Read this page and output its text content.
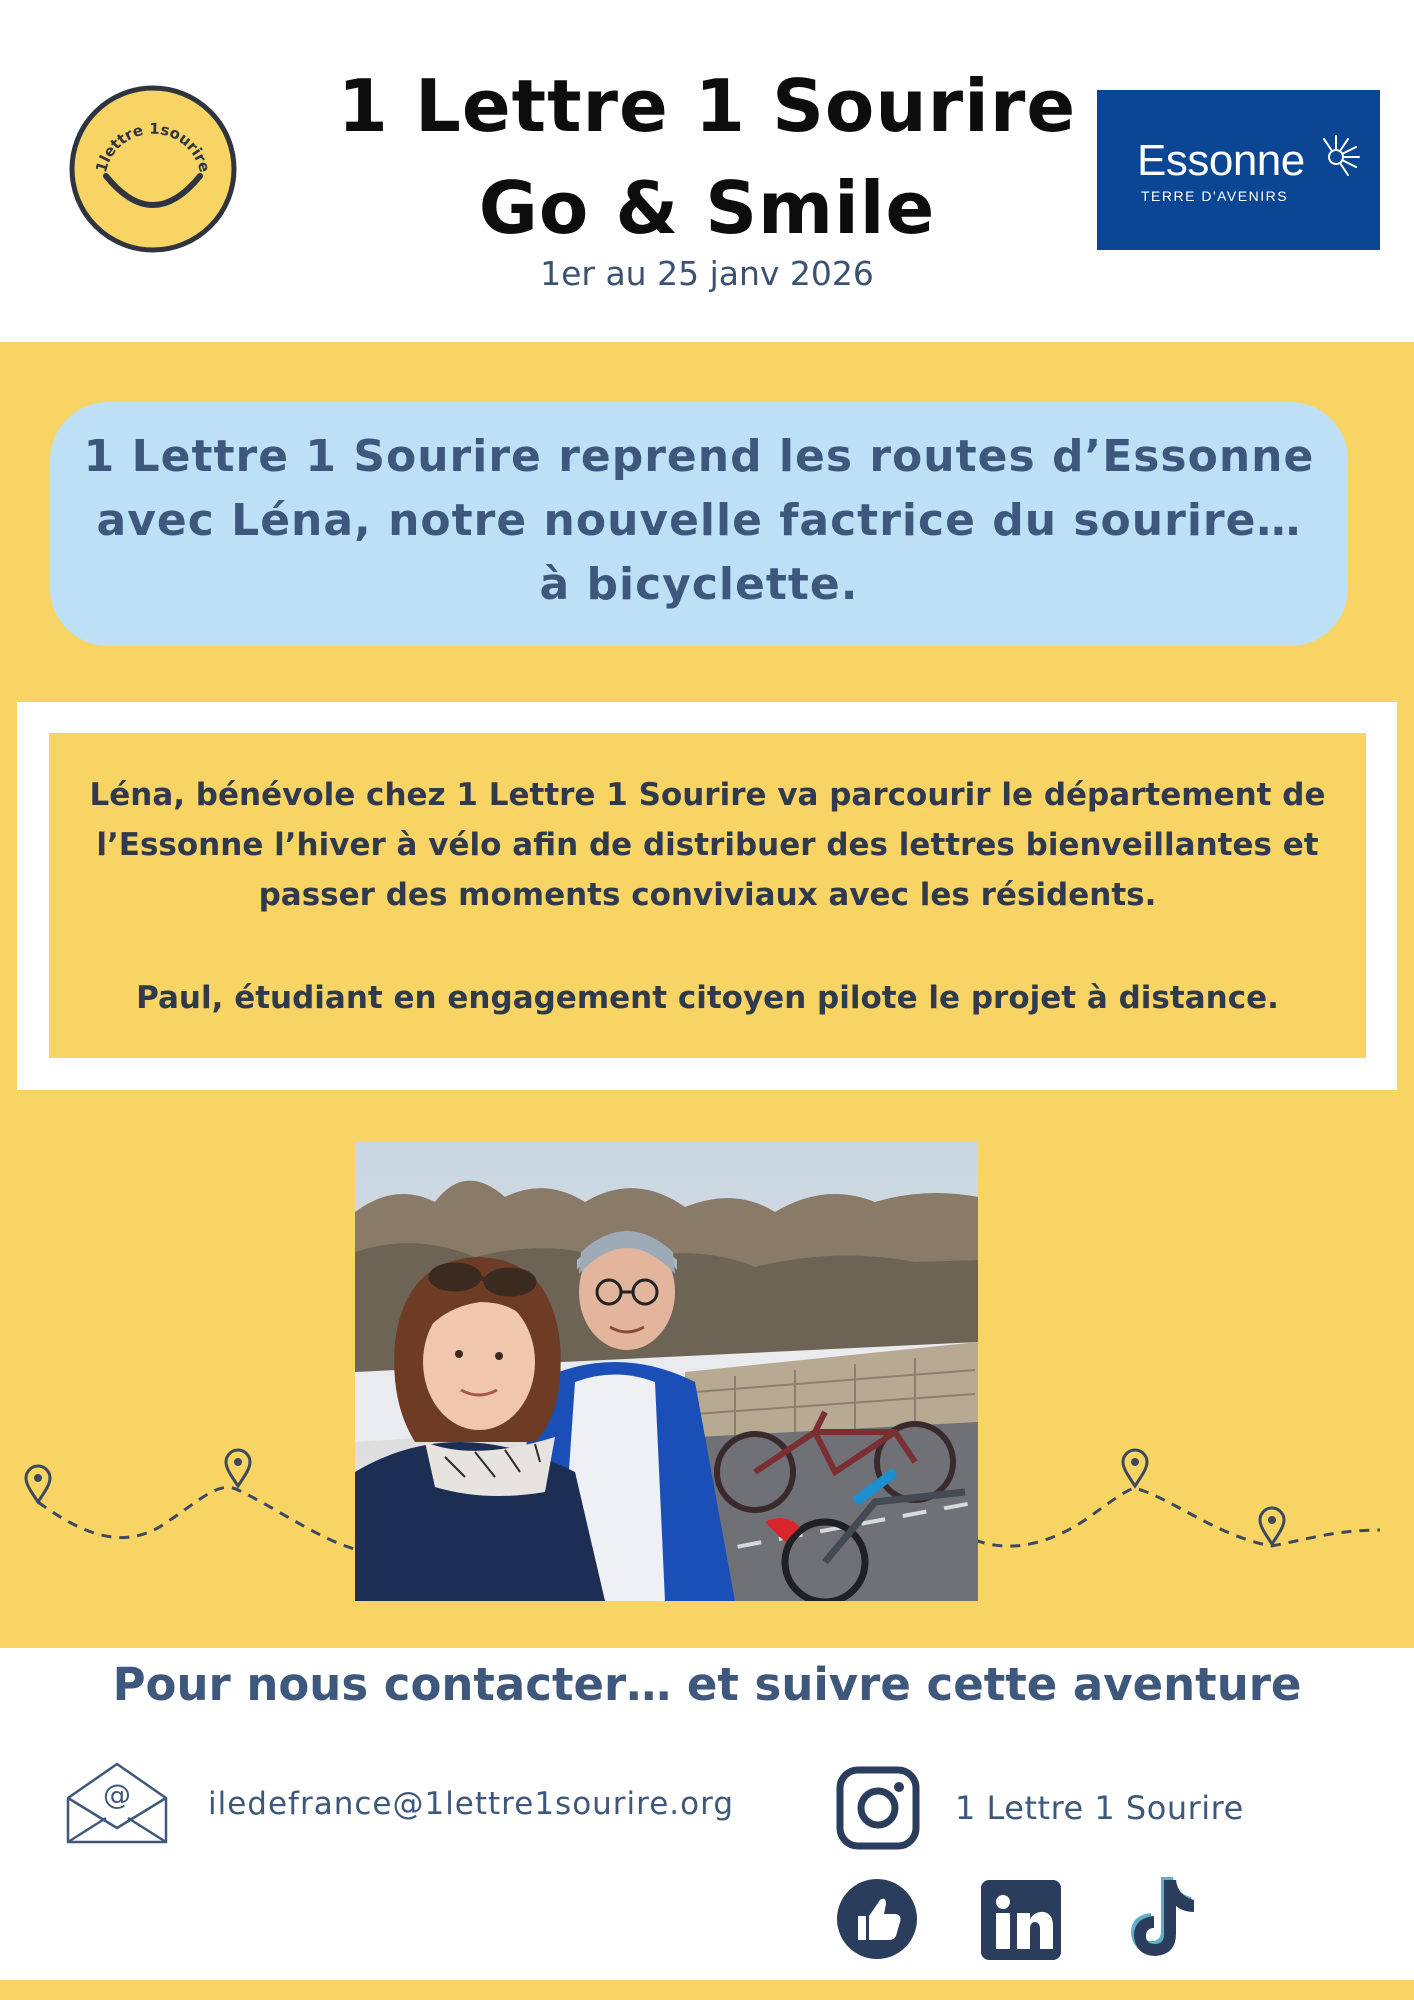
1lettre 1sourire
1 Lettre 1 Sourire
Go & Smile
1er au 25 janv 2026
Essonne
TERRE D'AVENIRS
1 Lettre 1 Sourire reprend les routes d’Essonne
avec Léna, notre nouvelle factrice du sourire…
à bicyclette.
Léna, bénévole chez 1 Lettre 1 Sourire va parcourir le département de
l’Essonne l’hiver à vélo afin de distribuer des lettres bienveillantes et
passer des moments conviviaux avec les résidents.
Paul, étudiant en engagement citoyen pilote le projet à distance.
Pour nous contacter… et suivre cette aventure
@ iledefrance@1lettre1sourire.org	1 Lettre 1 Sourire
